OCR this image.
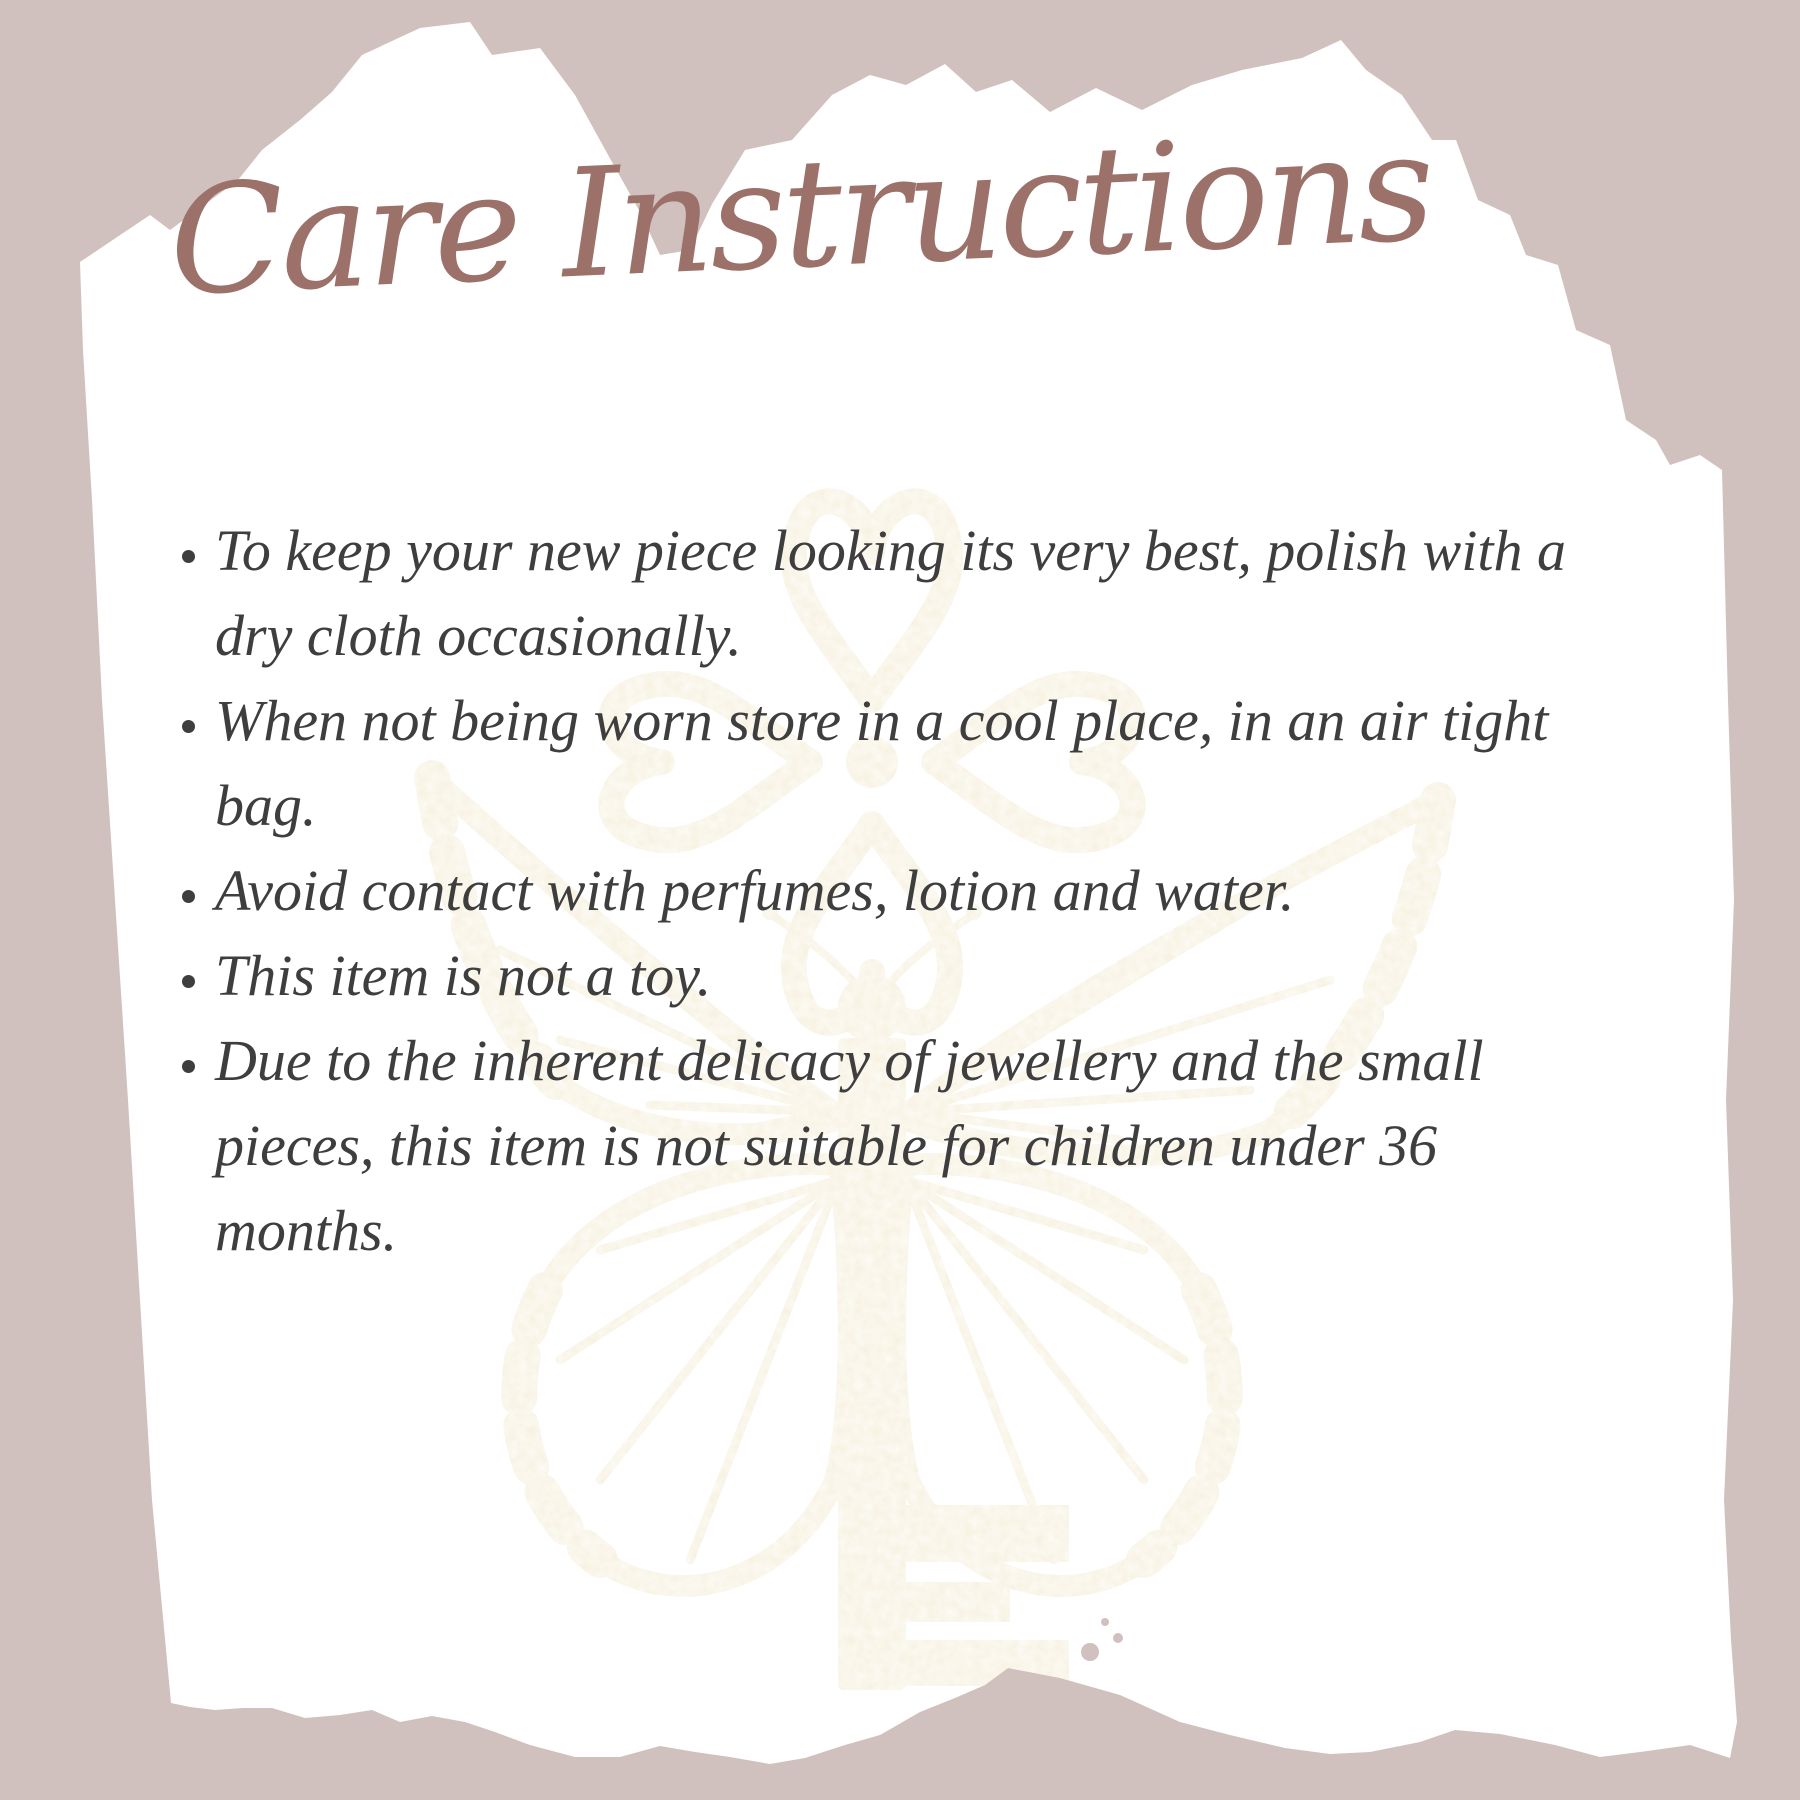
Care Instructions
• To keep your new piece looking its very best, polish with a dry cloth occasionally.
• When not being worn store in a cool place, in an air tight bag.
• Avoid contact with perfumes, lotion and water.
• This item is not a toy.
• Due to the inherent delicacy of jewellery and the small pieces, this item is not suitable for children under 36 months.
